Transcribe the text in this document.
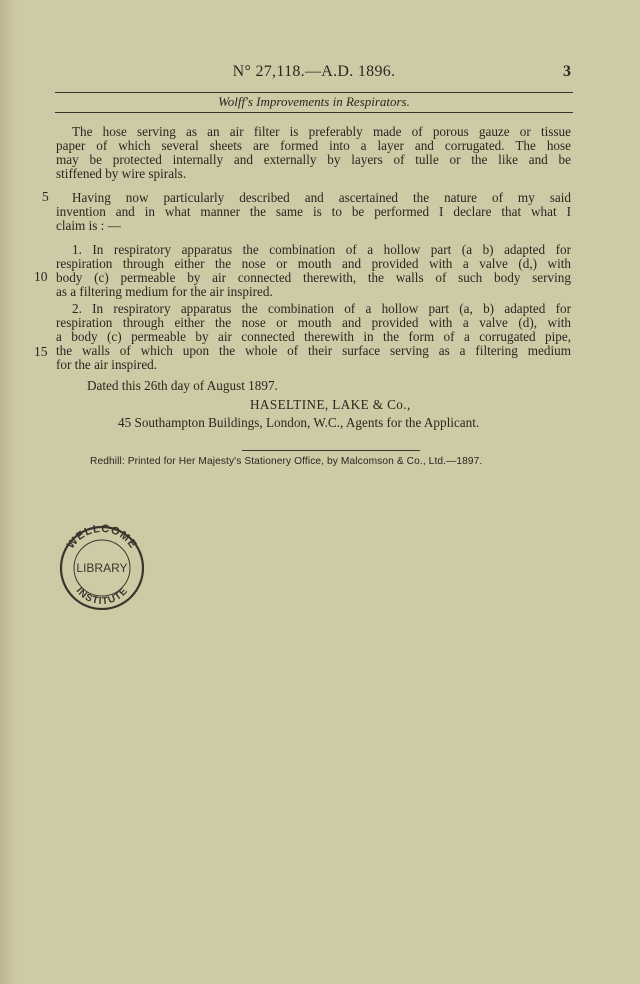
N° 27,118.—A.D. 1896.	3
Wolff's Improvements in Respirators.
The hose serving as an air filter is preferably made of porous gauze or tissue
paper of which several sheets are formed into a layer and corrugated. The hose
may be protected internally and externally by layers of tulle or the like and be
stiffened by wire spirals.
5 Having now particularly described and ascertained the nature of my said
invention and in what manner the same is to be performed I declare that what I
claim is : —
10
1. In respiratory apparatus the combination of a hollow part (a b) adapted for
respiration through either the nose or mouth and provided with a valve (d,) with
body (c) permeable by air connected therewith, the walls of such body serving
as a filtering medium for the air inspired.
15
2. In respiratory apparatus the combination of a hollow part (a, b) adapted for
respiration through either the nose or mouth and provided with a valve (d), with
a body (c) permeable by air connected therewith in the form of a corrugated pipe,
the walls of which upon the whole of their surface serving as a filtering medium
for the air inspired.
Dated this 26th day of August 1897.
HASELTINE, LAKE & Co.,
45 Southampton Buildings, London, W.C., Agents for the Applicant.
Redhill: Printed for Her Majesty's Stationery Office, by Malcomson & Co., Ltd.—1897.
WELLCOME
LIBRARY
INSTITUTE
